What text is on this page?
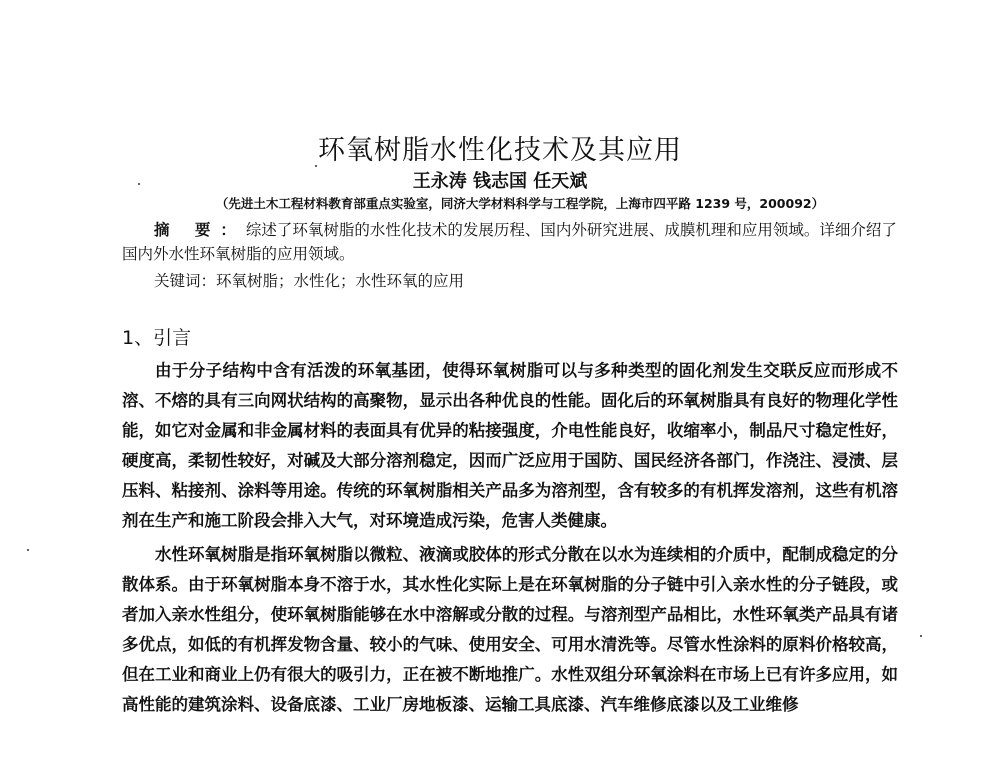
环氧树脂水性化技术及其应用
王永涛 钱志国 任天斌
（先进土木工程材料教育部重点实验室，同济大学材料科学与工程学院，上海市四平路 1239 号，200092）
摘 要：综述了环氧树脂的水性化技术的发展历程、国内外研究进展、成膜机理和应用领域。详细介绍了国内外水性环氧树脂的应用领域。
关键词：环氧树脂；水性化；水性环氧的应用
1、引言

由于分子结构中含有活泼的环氧基团，使得环氧树脂可以与多种类型的固化剂发生交联反应而形成不溶、不熔的具有三向网状结构的高聚物，显示出各种优良的性能。固化后的环氧树脂具有良好的物理化学性能，如它对金属和非金属材料的表面具有优异的粘接强度，介电性能良好，收缩率小，制品尺寸稳定性好，硬度高，柔韧性较好，对碱及大部分溶剂稳定，因而广泛应用于国防、国民经济各部门，作浇注、浸渍、层压料、粘接剂、涂料等用途。传统的环氧树脂相关产品多为溶剂型，含有较多的有机挥发溶剂，这些有机溶剂在生产和施工阶段会排入大气，对环境造成污染，危害人类健康。

水性环氧树脂是指环氧树脂以微粒、液滴或胶体的形式分散在以水为连续相的介质中，配制成稳定的分散体系。由于环氧树脂本身不溶于水，其水性化实际上是在环氧树脂的分子链中引入亲水性的分子链段，或者加入亲水性组分，使环氧树脂能够在水中溶解或分散的过程。与溶剂型产品相比，水性环氧类产品具有诸多优点，如低的有机挥发物含量、较小的气味、使用安全、可用水清洗等。尽管水性涂料的原料价格较高，但在工业和商业上仍有很大的吸引力，正在被不断地推广。水性双组分环氧涂料在市场上已有许多应用，如高性能的建筑涂料、设备底漆、工业厂房地板漆、运输工具底漆、汽车维修底漆以及工业维修
